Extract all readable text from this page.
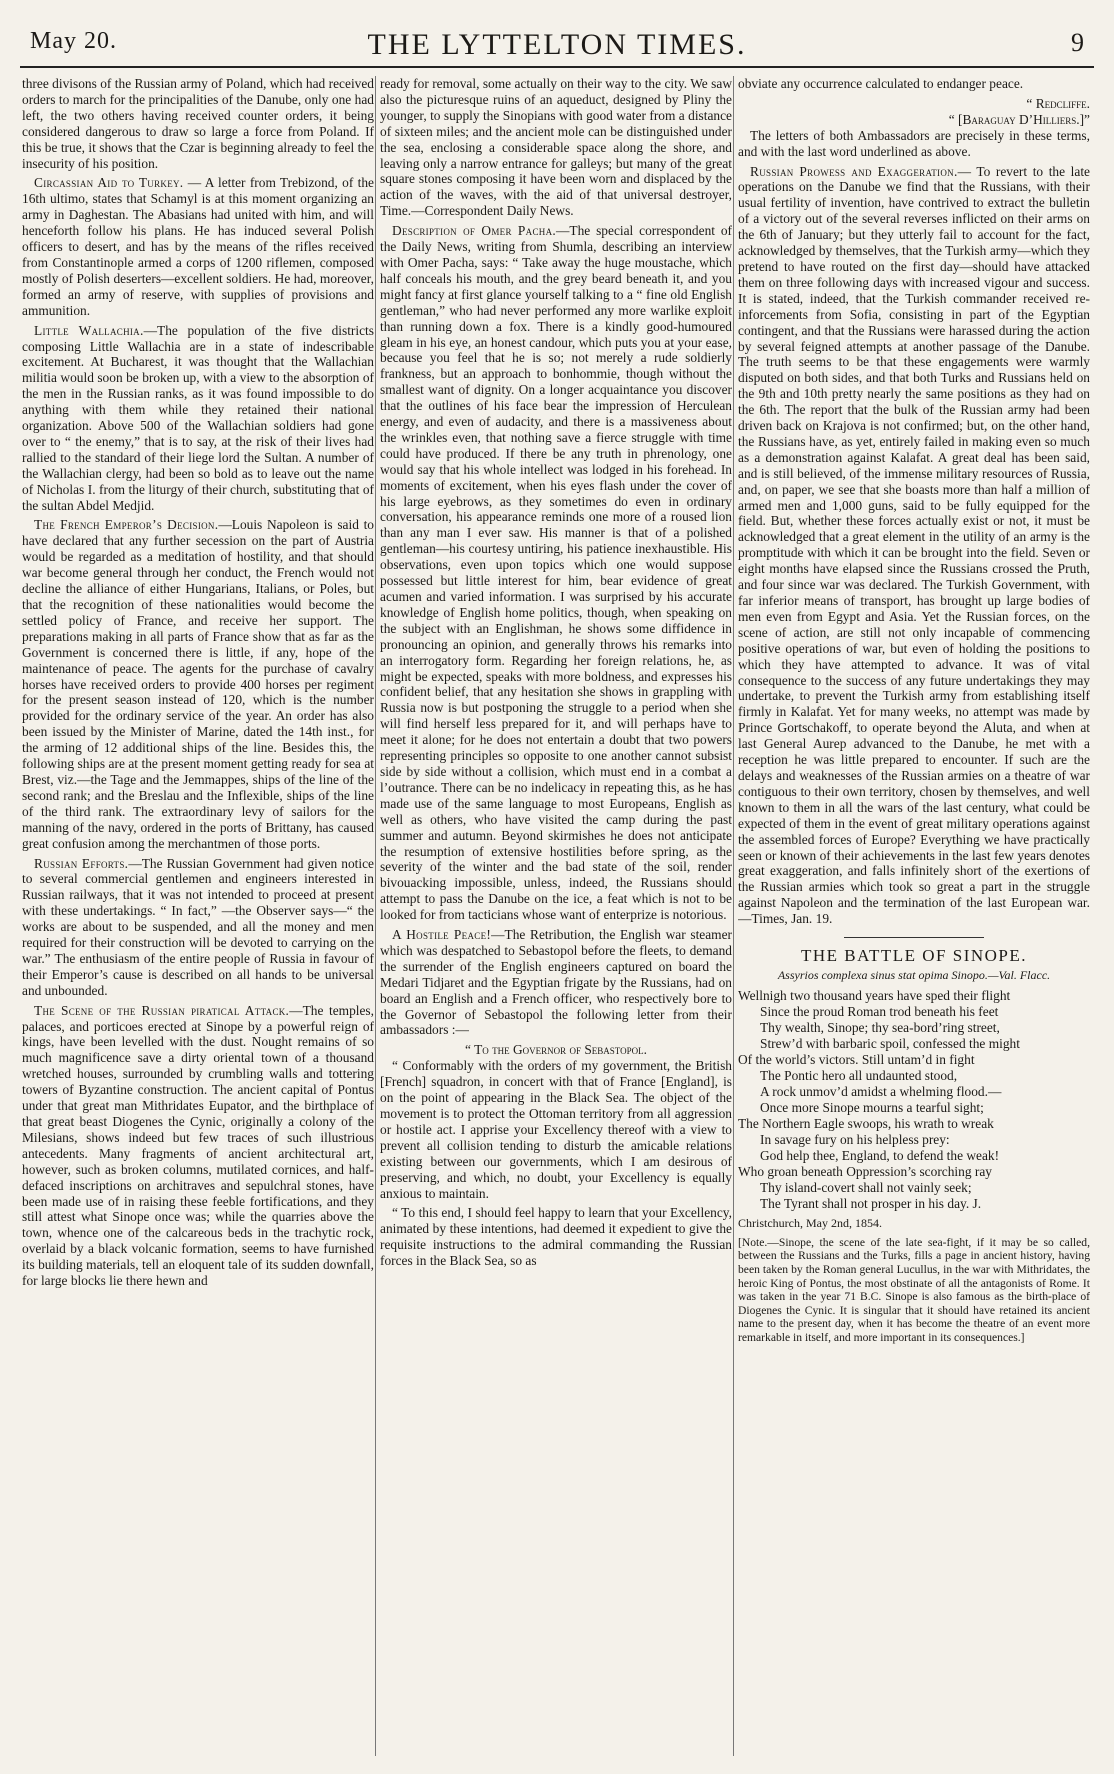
May 20.	THE LYTTELTON TIMES.	9

three divisons of the Russian army of Poland, which had received orders to march for the principalities of the Danube, only one had left, the two others having received counter orders, it being considered dangerous to draw so large a force from Poland. If this be true, it shows that the Czar is beginning already to feel the insecurity of his position.

Circassian Aid to Turkey. — A letter from Trebizond, of the 16th ultimo, states that Schamyl is at this moment organizing an army in Daghestan. The Abasians had united with him, and will henceforth follow his plans. He has induced several Polish officers to desert, and has by the means of the rifles received from Constantinople armed a corps of 1200 riflemen, composed mostly of Polish deserters—excellent soldiers. He had, moreover, formed an army of reserve, with supplies of provisions and ammunition.

Little Wallachia.—The population of the five districts composing Little Wallachia are in a state of indescribable excitement. At Bucharest, it was thought that the Wallachian militia would soon be broken up, with a view to the absorption of the men in the Russian ranks, as it was found impossible to do anything with them while they retained their national organization. Above 500 of the Wallachian soldiers had gone over to “ the enemy,” that is to say, at the risk of their lives had rallied to the standard of their liege lord the Sultan. A number of the Wallachian clergy, had been so bold as to leave out the name of Nicholas I. from the liturgy of their church, substituting that of the sultan Abdel Medjid.

The French Emperor’s Decision.—Louis Napoleon is said to have declared that any further secession on the part of Austria would be regarded as a meditation of hostility, and that should war become general through her conduct, the French would not decline the alliance of either Hungarians, Italians, or Poles, but that the recognition of these nationalities would become the settled policy of France, and receive her support. The preparations making in all parts of France show that as far as the Government is concerned there is little, if any, hope of the maintenance of peace. The agents for the purchase of cavalry horses have received orders to provide 400 horses per regiment for the present season instead of 120, which is the number provided for the ordinary service of the year. An order has also been issued by the Minister of Marine, dated the 14th inst., for the arming of 12 additional ships of the line. Besides this, the following ships are at the present moment getting ready for sea at Brest, viz.—the Tage and the Jemmappes, ships of the line of the second rank; and the Breslau and the Inflexible, ships of the line of the third rank. The extraordinary levy of sailors for the manning of the navy, ordered in the ports of Brittany, has caused great confusion among the merchantmen of those ports.

Russian Efforts.—The Russian Government had given notice to several commercial gentlemen and engineers interested in Russian railways, that it was not intended to proceed at present with these undertakings. “ In fact,” —the Observer says—“ the works are about to be suspended, and all the money and men required for their construction will be devoted to carrying on the war.” The enthusiasm of the entire people of Russia in favour of their Emperor’s cause is described on all hands to be universal and unbounded.

The Scene of the Russian piratical Attack.—The temples, palaces, and porticoes erected at Sinope by a powerful reign of kings, have been levelled with the dust. Nought remains of so much magnificence save a dirty oriental town of a thousand wretched houses, surrounded by crumbling walls and tottering towers of Byzantine construction. The ancient capital of Pontus under that great man Mithridates Eupator, and the birthplace of that great beast Diogenes the Cynic, originally a colony of the Milesians, shows indeed but few traces of such illustrious antecedents. Many fragments of ancient architectural art, however, such as broken columns, mutilated cornices, and half-defaced inscriptions on architraves and sepulchral stones, have been made use of in raising these feeble fortifications, and they still attest what Sinope once was; while the quarries above the town, whence one of the calcareous beds in the trachytic rock, overlaid by a black volcanic formation, seems to have furnished its building materials, tell an eloquent tale of its sudden downfall, for large blocks lie there hewn and

ready for removal, some actually on their way to the city. We saw also the picturesque ruins of an aqueduct, designed by Pliny the younger, to supply the Sinopians with good water from a distance of sixteen miles; and the ancient mole can be distinguished under the sea, enclosing a considerable space along the shore, and leaving only a narrow entrance for galleys; but many of the great square stones composing it have been worn and displaced by the action of the waves, with the aid of that universal destroyer, Time.—Correspondent Daily News.

Description of Omer Pacha.—The special correspondent of the Daily News, writing from Shumla, describing an interview with Omer Pacha, says: “ Take away the huge moustache, which half conceals his mouth, and the grey beard beneath it, and you might fancy at first glance yourself talking to a “ fine old English gentleman,” who had never performed any more warlike exploit than running down a fox. There is a kindly good-humoured gleam in his eye, an honest candour, which puts you at your ease, because you feel that he is so; not merely a rude soldierly frankness, but an approach to bonhommie, though without the smallest want of dignity. On a longer acquaintance you discover that the outlines of his face bear the impression of Herculean energy, and even of audacity, and there is a massiveness about the wrinkles even, that nothing save a fierce struggle with time could have produced. If there be any truth in phrenology, one would say that his whole intellect was lodged in his forehead. In moments of excitement, when his eyes flash under the cover of his large eyebrows, as they sometimes do even in ordinary conversation, his appearance reminds one more of a roused lion than any man I ever saw. His manner is that of a polished gentleman—his courtesy untiring, his patience inexhaustible. His observations, even upon topics which one would suppose possessed but little interest for him, bear evidence of great acumen and varied information. I was surprised by his accurate knowledge of English home politics, though, when speaking on the subject with an Englishman, he shows some diffidence in pronouncing an opinion, and generally throws his remarks into an interrogatory form. Regarding her foreign relations, he, as might be expected, speaks with more boldness, and expresses his confident belief, that any hesitation she shows in grappling with Russia now is but postponing the struggle to a period when she will find herself less prepared for it, and will perhaps have to meet it alone; for he does not entertain a doubt that two powers representing principles so opposite to one another cannot subsist side by side without a collision, which must end in a combat a l’outrance. There can be no indelicacy in repeating this, as he has made use of the same language to most Europeans, English as well as others, who have visited the camp during the past summer and autumn. Beyond skirmishes he does not anticipate the resumption of extensive hostilities before spring, as the severity of the winter and the bad state of the soil, render bivouacking impossible, unless, indeed, the Russians should attempt to pass the Danube on the ice, a feat which is not to be looked for from tacticians whose want of enterprize is notorious.

A Hostile Peace!—The Retribution, the English war steamer which was despatched to Sebastopol before the fleets, to demand the surrender of the English engineers captured on board the Medari Tidjaret and the Egyptian frigate by the Russians, had on board an English and a French officer, who respectively bore to the Governor of Sebastopol the following letter from their ambassadors :—

“ To the Governor of Sebastopol.

“ Conformably with the orders of my government, the British [French] squadron, in concert with that of France [England], is on the point of appearing in the Black Sea. The object of the movement is to protect the Ottoman territory from all aggression or hostile act. I apprise your Excellency thereof with a view to prevent all collision tending to disturb the amicable relations existing between our governments, which I am desirous of preserving, and which, no doubt, your Excellency is equally anxious to maintain.

“ To this end, I should feel happy to learn that your Excellency, animated by these intentions, had deemed it expedient to give the requisite instructions to the admiral commanding the Russian forces in the Black Sea, so as

obviate any occurrence calculated to endanger peace.

“ Redcliffe.

“ [Baraguay D’Hilliers.]”

The letters of both Ambassadors are precisely in these terms, and with the last word underlined as above.

Russian Prowess and Exaggeration.— To revert to the late operations on the Danube we find that the Russians, with their usual fertility of invention, have contrived to extract the bulletin of a victory out of the several reverses inflicted on their arms on the 6th of January; but they utterly fail to account for the fact, acknowledged by themselves, that the Turkish army—which they pretend to have routed on the first day—should have attacked them on three following days with increased vigour and success. It is stated, indeed, that the Turkish commander received re-inforcements from Sofia, consisting in part of the Egyptian contingent, and that the Russians were harassed during the action by several feigned attempts at another passage of the Danube. The truth seems to be that these engagements were warmly disputed on both sides, and that both Turks and Russians held on the 9th and 10th pretty nearly the same positions as they had on the 6th. The report that the bulk of the Russian army had been driven back on Krajova is not confirmed; but, on the other hand, the Russians have, as yet, entirely failed in making even so much as a demonstration against Kalafat. A great deal has been said, and is still believed, of the immense military resources of Russia, and, on paper, we see that she boasts more than half a million of armed men and 1,000 guns, said to be fully equipped for the field. But, whether these forces actually exist or not, it must be acknowledged that a great element in the utility of an army is the promptitude with which it can be brought into the field. Seven or eight months have elapsed since the Russians crossed the Pruth, and four since war was declared. The Turkish Government, with far inferior means of transport, has brought up large bodies of men even from Egypt and Asia. Yet the Russian forces, on the scene of action, are still not only incapable of commencing positive operations of war, but even of holding the positions to which they have attempted to advance. It was of vital consequence to the success of any future undertakings they may undertake, to prevent the Turkish army from establishing itself firmly in Kalafat. Yet for many weeks, no attempt was made by Prince Gortschakoff, to operate beyond the Aluta, and when at last General Aurep advanced to the Danube, he met with a reception he was little prepared to encounter. If such are the delays and weaknesses of the Russian armies on a theatre of war contiguous to their own territory, chosen by themselves, and well known to them in all the wars of the last century, what could be expected of them in the event of great military operations against the assembled forces of Europe? Everything we have practically seen or known of their achievements in the last few years denotes great exaggeration, and falls infinitely short of the exertions of the Russian armies which took so great a part in the struggle against Napoleon and the termination of the last European war. —Times, Jan. 19.

THE BATTLE OF SINOPE.
Assyrios complexa sinus stat opima Sinopo.—Val. Flacc.
Wellnigh two thousand years have sped their flight
Since the proud Roman trod beneath his feet
Thy wealth, Sinope; thy sea-bord’ring street,
Strew’d with barbaric spoil, confessed the might
Of the world’s victors. Still untam’d in fight
The Pontic hero all undaunted stood,
A rock unmov’d amidst a whelming flood.—
Once more Sinope mourns a tearful sight;
The Northern Eagle swoops, his wrath to wreak
In savage fury on his helpless prey:
God help thee, England, to defend the weak!
Who groan beneath Oppression’s scorching ray
Thy island-covert shall not vainly seek;
The Tyrant shall not prosper in his day. J.
Christchurch, May 2nd, 1854.
[Note.—Sinope, the scene of the late sea-fight, if it may be so called, between the Russians and the Turks, fills a page in ancient history, having been taken by the Roman general Lucullus, in the war with Mithridates, the heroic King of Pontus, the most obstinate of all the antagonists of Rome. It was taken in the year 71 B.C. Sinope is also famous as the birth-place of Diogenes the Cynic. It is singular that it should have retained its ancient name to the present day, when it has become the theatre of an event more remarkable in itself, and more important in its consequences.]
